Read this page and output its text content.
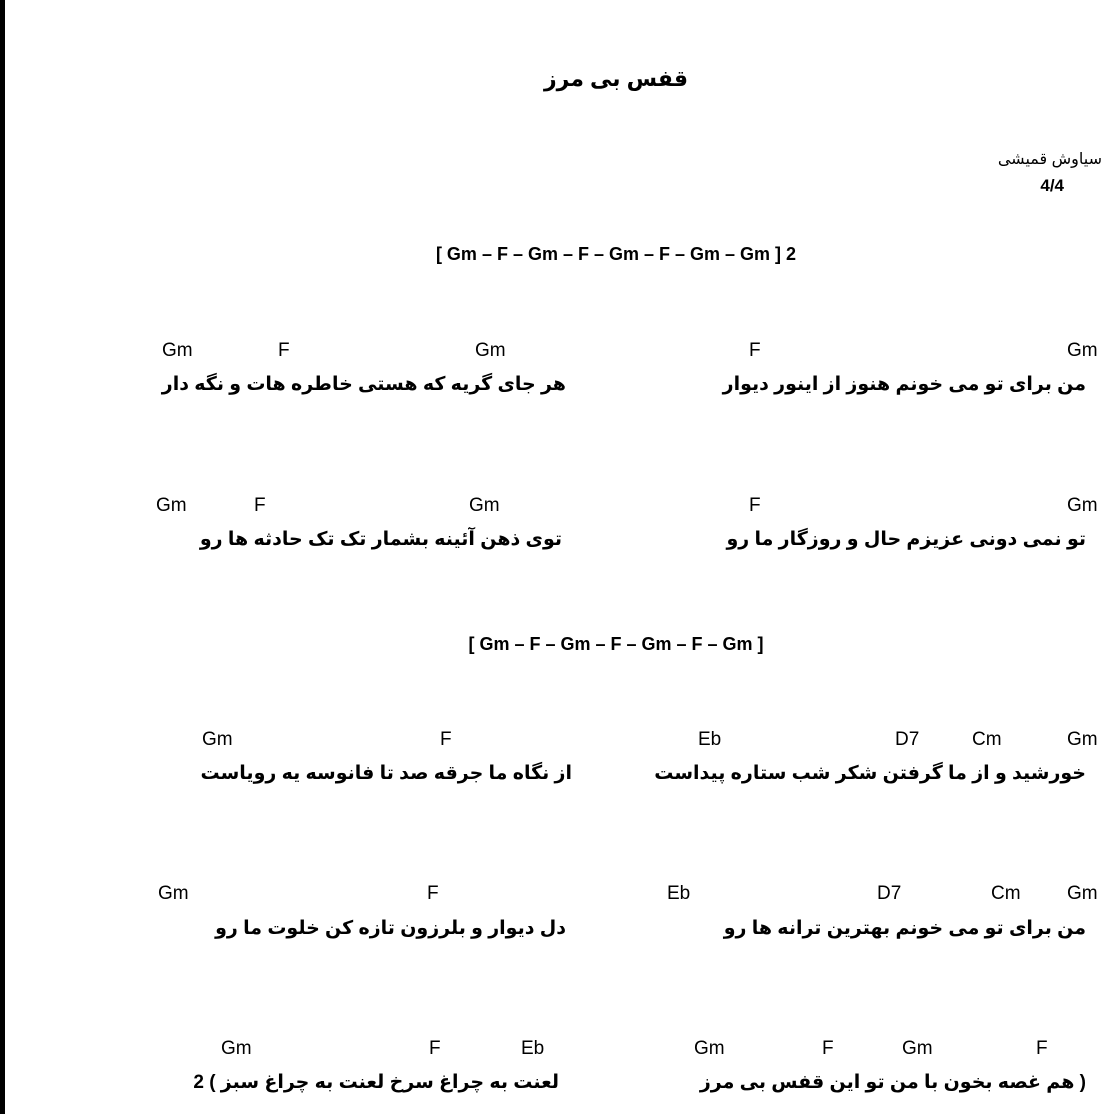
قفس بی مرز
سیاوش قمیشی
4/4
[ Gm – F – Gm – F – Gm – F – Gm – Gm ] 2
Gm	F	Gm	F	Gm
من برای تو می خونم هنوز از اینور دیوار
هر جای گریه که هستی خاطره هات و نگه دار
Gm	F	Gm	F	Gm
تو نمی دونی عزیزم حال و روزگار ما رو
توی ذهن آئینه بشمار تک تک حادثه ها رو
[ Gm – F – Gm – F – Gm – F – Gm ]
Gm	F	Eb	D7	Cm	Gm
خورشید و از ما گرفتن شکر شب ستاره پیداست
از نگاه ما جرقه صد تا فانوسه یه رویاست
Gm	F	Eb	D7	Cm Gm
من برای تو می خونم بهترین ترانه ها رو
دل دیوار و بلرزون تازه کن خلوت ما رو
Gm	F	Eb	Gm	F	Gm	F
( هم غصه بخون با من تو این قفس بی مرز
لعنت به چراغ سرخ لعنت به چراغ سبز ) 2
